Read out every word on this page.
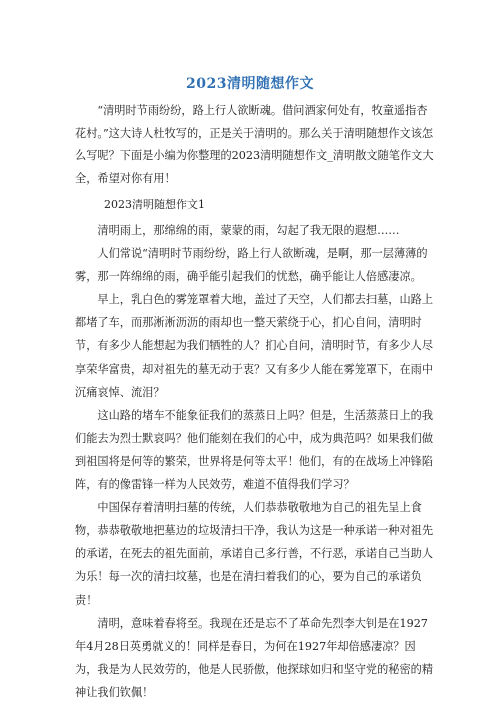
2023清明随想作文
“清明时节雨纷纷，路上行人欲断魂。借问酒家何处有，牧童遥指杏花村。”这大诗人杜牧写的，正是关于清明的。那么关于清明随想作文该怎么写呢？下面是小编为你整理的2023清明随想作文_清明散文随笔作文大全，希望对你有用！
2023清明随想作文1

清明雨上，那绵绵的雨，蒙蒙的雨，勾起了我无限的遐想……

人们常说“清明时节雨纷纷，路上行人欲断魂，是啊，那一层薄薄的雾，那一阵绵绵的雨，确乎能引起我们的忧愁，确乎能让人倍感凄凉。

早上，乳白色的雾笼罩着大地，盖过了天空，人们都去扫墓，山路上都堵了车，而那淅淅沥沥的雨却也一整天萦绕于心，扪心自问，清明时节，有多少人能想起为我们牺牲的人？扪心自问，清明时节，有多少人尽享荣华富贵，却对祖先的墓无动于衷？又有多少人能在雾笼罩下，在雨中沉痛哀悼、流泪？

这山路的堵车不能象征我们的蒸蒸日上吗？但是，生活蒸蒸日上的我们能去为烈士默哀吗？他们能刻在我们的心中，成为典范吗？如果我们做到祖国将是何等的繁荣，世界将是何等太平！他们，有的在战场上冲锋陷阵，有的像雷锋一样为人民效劳，难道不值得我们学习？

中国保存着清明扫墓的传统，人们恭恭敬敬地为自己的祖先呈上食物，恭恭敬敬地把墓边的垃圾清扫干净，我认为这是一种承诺一种对祖先的承诺，在死去的祖先面前，承诺自己多行善，不行恶，承诺自己当助人为乐！每一次的清扫坟墓，也是在清扫着我们的心，要为自己的承诺负责！

清明，意味着春将至。我现在还是忘不了革命先烈李大钊是在1927年4月28日英勇就义的！同样是春日，为何在1927年却倍感凄凉？因为，我是为人民效劳的，他是人民骄傲，他探球如归和坚守党的秘密的精神让我们钦佩！
